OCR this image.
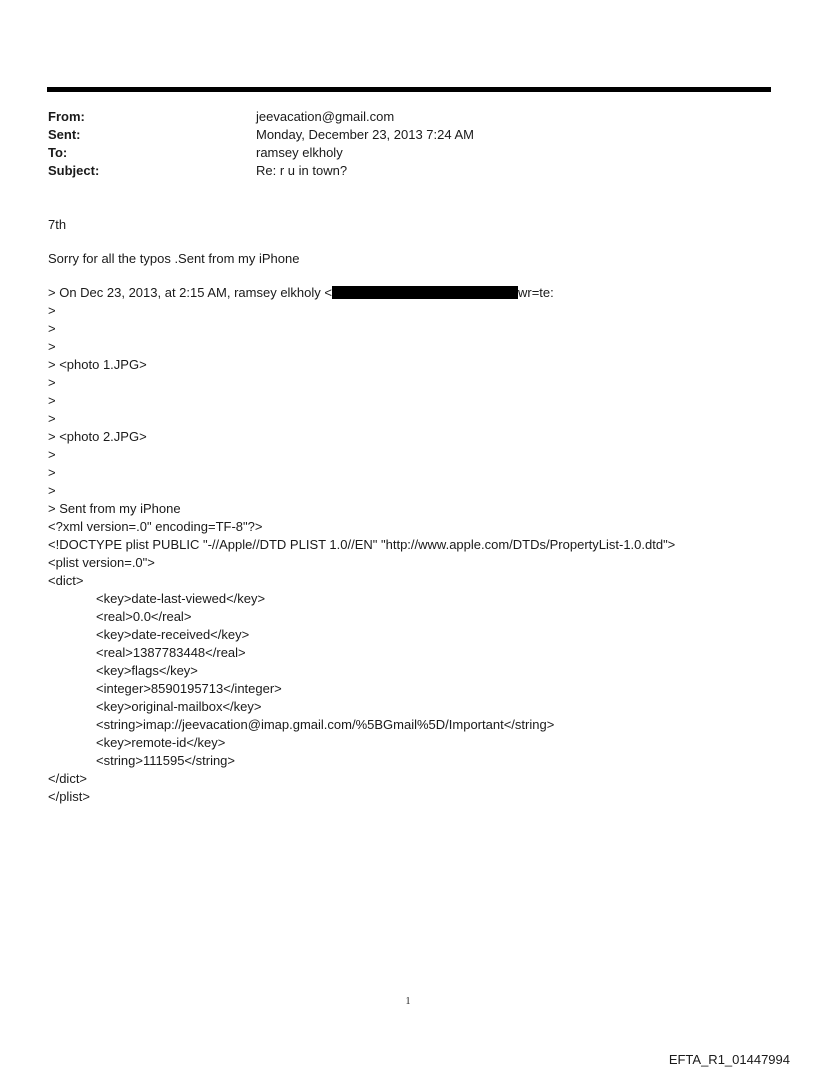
From:	jeevacation@gmail.com
Sent:	Monday, December 23, 2013 7:24 AM
To:	ramsey elkholy
Subject:	Re: r u in town?
7th
Sorry for all the typos .Sent from my iPhone
> On Dec 23, 2013, at 2:15 AM, ramsey elkholy <	wr=te:
>
>
>
> <photo 1.JPG>
>
>
>
> <photo 2.JPG>
>
>
>
> Sent from my iPhone
<?xml version=.0" encoding=TF-8"?>
<!DOCTYPE plist PUBLIC "-//Apple//DTD PLIST 1.0//EN" "http://www.apple.com/DTDs/PropertyList-1.0.dtd">
<plist version=.0">
<dict>
<key>date-last-viewed</key>
<real>0.0</real>
<key>date-received</key>
<real>1387783448</real>
<key>flags</key>
<integer>8590195713</integer>
<key>original-mailbox</key>
<string>imap://jeevacation@imap.gmail.com/%5BGmail%5D/Important</string>
<key>remote-id</key>
<string>111595</string>
</dict>
</plist>
1
EFTA_R1_01447994
